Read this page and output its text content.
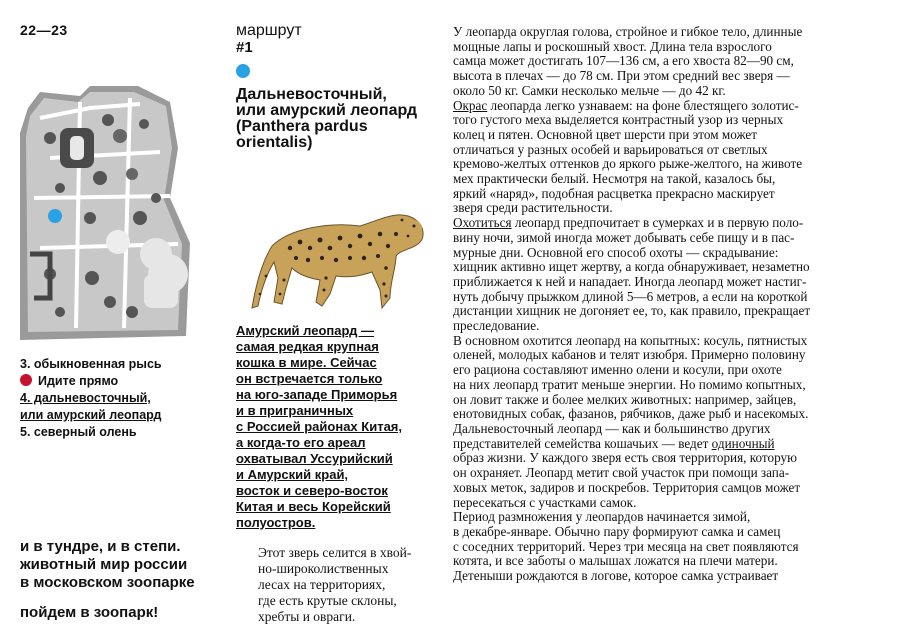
22—23
3. обыкновенная рысь
Идите прямо
4. дальневосточный,
или амурский леопард
5. северный олень
и в тундре, и в степи.
животный мир россии
в московском зоопарке
пойдем в зоопарк!
маршрут
#1
Дальневосточный,
или амурский леопард
(Panthera pardus
orientalis)
Амурский леопард —
самая редкая крупная
кошка в мире. Сейчас
он встречается только
на юго-западе Приморья
и в приграничных
с Россией районах Китая,
а когда-то его ареал
охватывал Уссурийский
и Амурский край,
восток и северо-восток
Китая и весь Корейский
полуостров.
Этот зверь селится в хвой-
но-широколиственных
лесах на территориях,
где есть крутые склоны,
хребты и овраги.
У леопарда округлая голова, стройное и гибкое тело, длинные
мощные лапы и роскошный хвост. Длина тела взрослого
самца может достигать 107—136 см, а его хвоста 82—90 см,
высота в плечах — до 78 см. При этом средний вес зверя —
около 50 кг. Самки несколько мельче — до 42 кг.
Окрас леопарда легко узнаваем: на фоне блестящего золотис-
того густого меха выделяется контрастный узор из черных
колец и пятен. Основной цвет шерсти при этом может
отличаться у разных особей и варьироваться от светлых
кремово-желтых оттенков до яркого рыже-желтого, на животе
мех практически белый. Несмотря на такой, казалось бы,
яркий «наряд», подобная расцветка прекрасно маскирует
зверя среди растительности.
Охотиться леопард предпочитает в сумерках и в первую поло-
вину ночи, зимой иногда может добывать себе пищу и в пас-
мурные дни. Основной его способ охоты — скрадывание:
хищник активно ищет жертву, а когда обнаруживает, незаметно
приближается к ней и нападает. Иногда леопард может настиг-
нуть добычу прыжком длиной 5—6 метров, а если на короткой
дистанции хищник не догоняет ее, то, как правило, прекращает
преследование.
В основном охотится леопард на копытных: косуль, пятнистых
оленей, молодых кабанов и телят изюбря. Примерно половину
его рациона составляют именно олени и косули, при охоте
на них леопард тратит меньше энергии. Но помимо копытных,
он ловит также и более мелких животных: например, зайцев,
енотовидных собак, фазанов, рябчиков, даже рыб и насекомых.
Дальневосточный леопард — как и большинство других
представителей семейства кошачьих — ведет одиночный
образ жизни. У каждого зверя есть своя территория, которую
он охраняет. Леопард метит свой участок при помощи запа-
ховых меток, задиров и поскребов. Территория самцов может
пересекаться с участками самок.
Период размножения у леопардов начинается зимой,
в декабре-январе. Обычно пару формируют самка и самец
с соседних территорий. Через три месяца на свет появляются
котята, и все заботы о малышах ложатся на плечи матери.
Детеныши рождаются в логове, которое самка устраивает
